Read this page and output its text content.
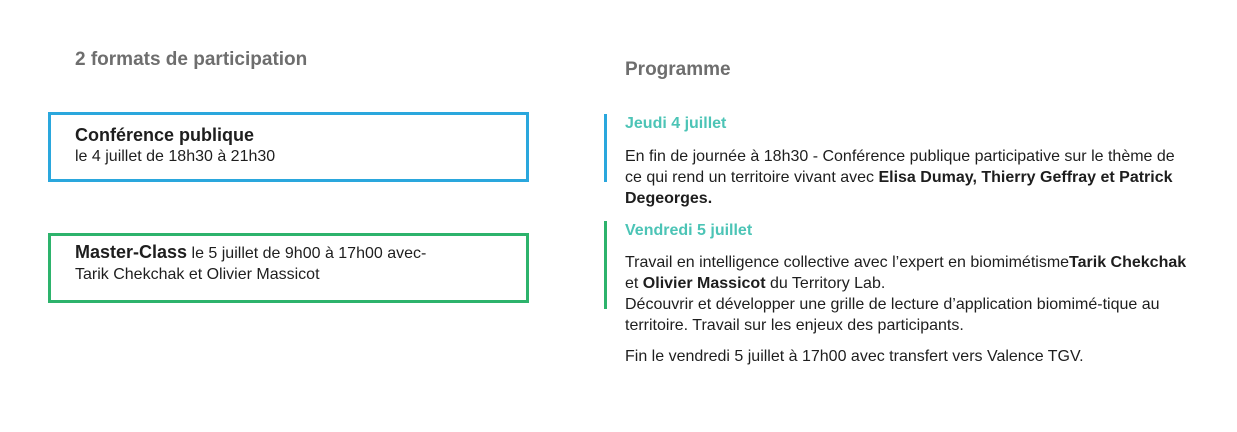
2 formats de participation
Conférence publique
le 4 juillet de 18h30 à 21h30
Master-Class le 5 juillet de 9h00 à 17h00 avec-
Tarik Chekchak et Olivier Massicot
Programme
Jeudi 4 juillet
En fin de journée à 18h30 - Conférence publique participative sur le thème de ce qui rend un territoire vivant avec Elisa Dumay, Thierry Geffray et Patrick Degeorges.
Vendredi 5 juillet
Travail en intelligence collective avec l’expert en biomimétismeTarik Chekchak et Olivier Massicot du Territory Lab.
Découvrir et développer une grille de lecture d’application biomimé-tique au territoire. Travail sur les enjeux des participants.
Fin le vendredi 5 juillet à 17h00 avec transfert vers Valence TGV.
